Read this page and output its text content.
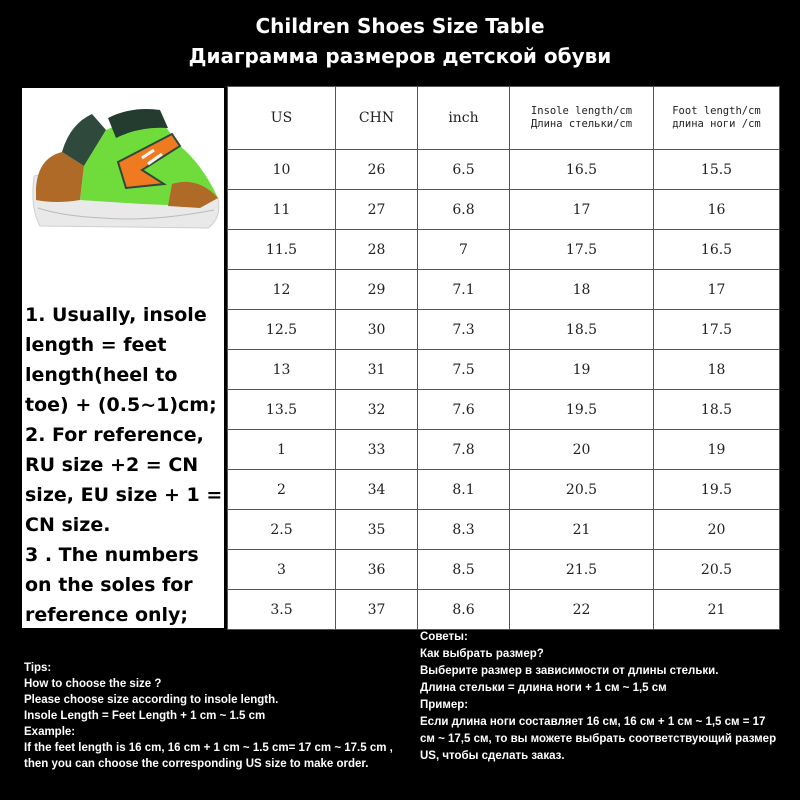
Children Shoes Size Table
Диаграмма размеров детской обуви
1. Usually, insole length = feet length(heel to toe) + (0.5~1)cm;
2. For reference, RU size +2 = CN size, EU size + 1 = CN size.
3 . The numbers on the soles for reference only;
US	CHN	inch	Insole length/cm Длина стельки/cm	Foot length/cm длина ноги /cm
10	26	6.5	16.5	15.5
11	27	6.8	17	16
11.5	28	7	17.5	16.5
12	29	7.1	18	17
12.5	30	7.3	18.5	17.5
13	31	7.5	19	18
13.5	32	7.6	19.5	18.5
1	33	7.8	20	19
2	34	8.1	20.5	19.5
2.5	35	8.3	21	20
3	36	8.5	21.5	20.5
3.5	37	8.6	22	21
Tips:
How to choose the size ?
Please choose size according to insole length.
Insole Length = Feet Length + 1 cm ~ 1.5 cm
Example:
If the feet length is 16 cm, 16 cm + 1 cm ~ 1.5 cm= 17 cm ~ 17.5 cm ,
then you can choose the corresponding US size to make order.
Советы:
Как выбрать размер?
Выберите размер в зависимости от длины стельки.
Длина стельки = длина ноги + 1 см ~ 1,5 см
Пример:
Если длина ноги составляет 16 см, 16 см + 1 см ~ 1,5 см = 17
см ~ 17,5 см, то вы можете выбрать соответствующий размер
US, чтобы сделать заказ.
